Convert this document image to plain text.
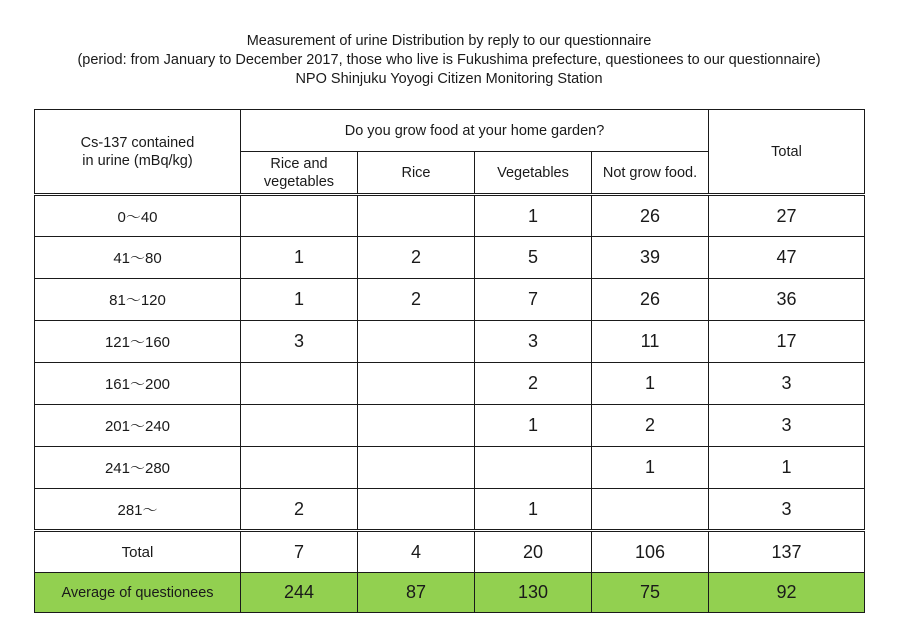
Measurement of urine Distribution by reply to our questionnaire
(period: from January to December 2017, those who live is Fukushima prefecture, questionees to our questionnaire)
NPO Shinjuku Yoyogi Citizen Monitoring Station
Cs-137 contained
in urine (mBq/kg)	Do you grow food at your home garden?				Total

	Rice and
vegetables	Rice	Vegetables	Not grow food.	
0～40			1	26	27
41～80	1	2	5	39	47
81～120	1	2	7	26	36
121～160	3		3	11	17
161～200			2	1	3
201～240			1	2	3
241～280				1	1
281～	2		1		3
Total	7	4	20	106	137
Average of questionees	244	87	130	75	92
